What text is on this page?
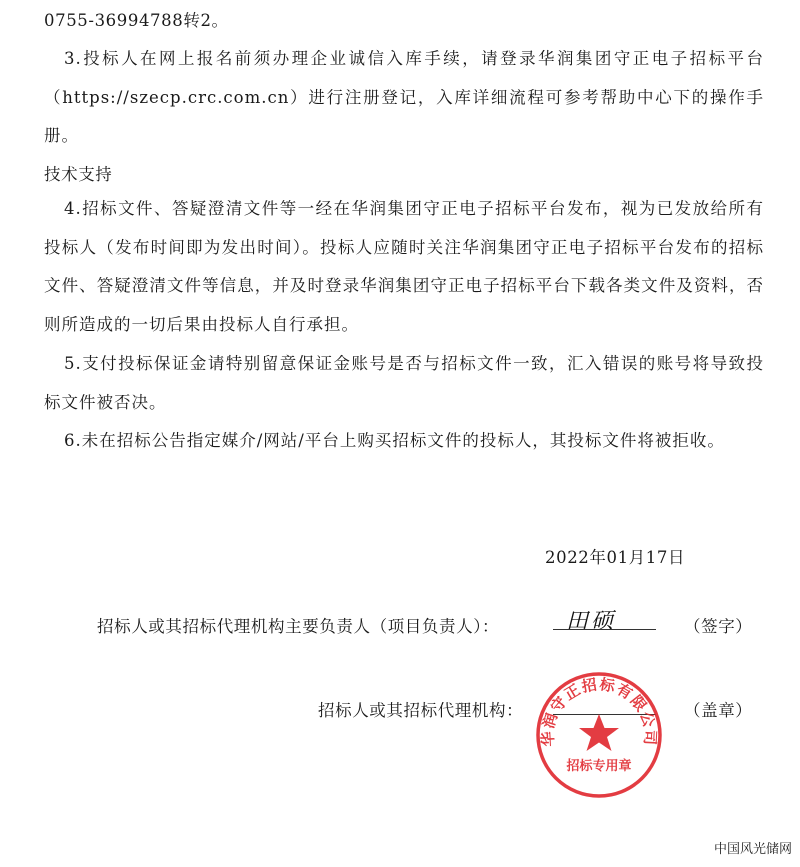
0755-36994788转2。
3.投标人在网上报名前须办理企业诚信入库手续，请登录华润集团守正电子招标平台（https://szecp.crc.com.cn）进行注册登记，入库详细流程可参考帮助中心下的操作手册。
技术支持
4.招标文件、答疑澄清文件等一经在华润集团守正电子招标平台发布，视为已发放给所有投标人（发布时间即为发出时间）。投标人应随时关注华润集团守正电子招标平台发布的招标文件、答疑澄清文件等信息，并及时登录华润集团守正电子招标平台下载各类文件及资料，否则所造成的一切后果由投标人自行承担。
5.支付投标保证金请特别留意保证金账号是否与招标文件一致，汇入错误的账号将导致投标文件被否决。
6.未在招标公告指定媒介/网站/平台上购买招标文件的投标人，其投标文件将被拒收。
2022年01月17日
招标人或其招标代理机构主要负责人（项目负责人）：	田硕	（签字）
招标人或其招标代理机构：	（盖章）
华润守正招标有限公司
招标专用章
中国风光储网
